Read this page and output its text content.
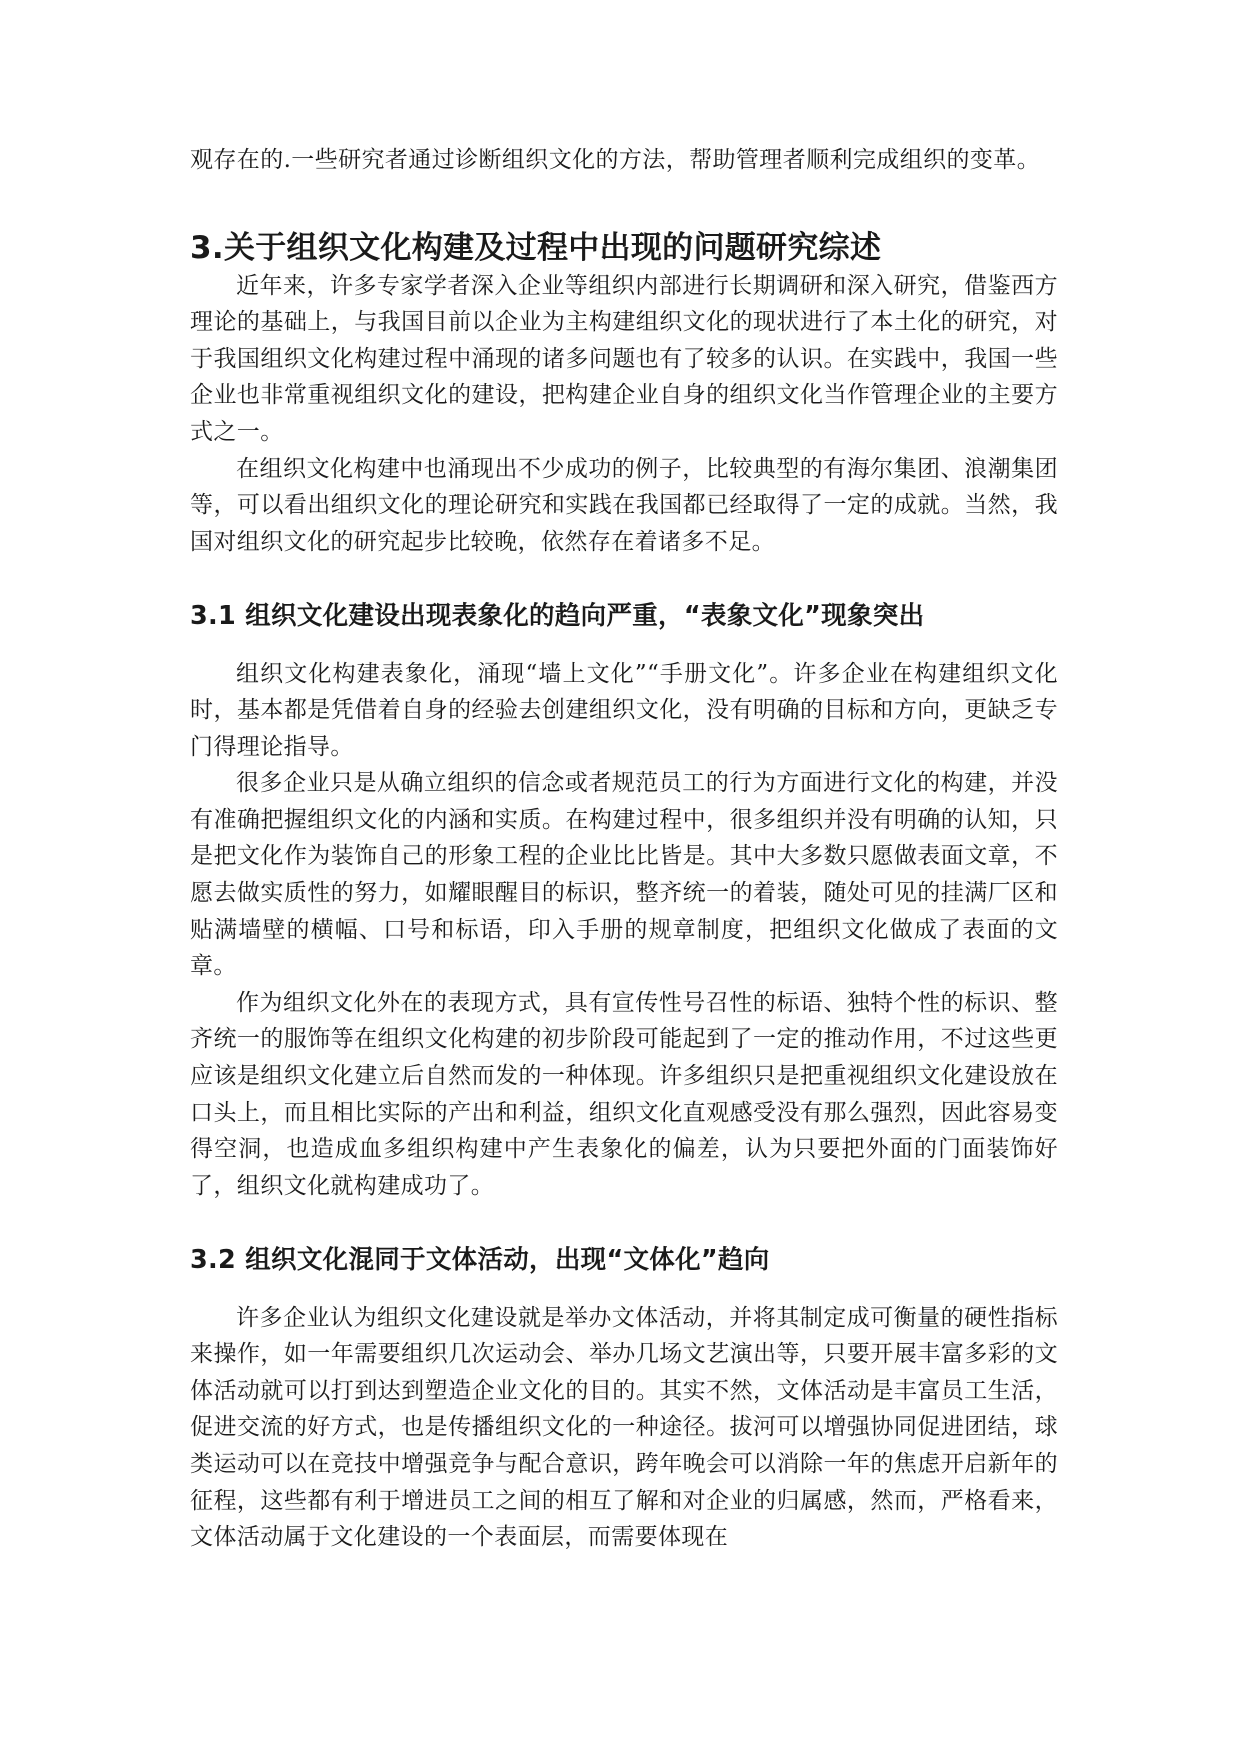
观存在的.一些研究者通过诊断组织文化的方法，帮助管理者顺利完成组织的变革。

3.关于组织文化构建及过程中出现的问题研究综述

近年来，许多专家学者深入企业等组织内部进行长期调研和深入研究，借鉴西方理论的基础上，与我国目前以企业为主构建组织文化的现状进行了本土化的研究，对于我国组织文化构建过程中涌现的诸多问题也有了较多的认识。在实践中，我国一些企业也非常重视组织文化的建设，把构建企业自身的组织文化当作管理企业的主要方式之一。

在组织文化构建中也涌现出不少成功的例子，比较典型的有海尔集团、浪潮集团等，可以看出组织文化的理论研究和实践在我国都已经取得了一定的成就。当然，我国对组织文化的研究起步比较晚，依然存在着诸多不足。

3.1 组织文化建设出现表象化的趋向严重，“表象文化”现象突出

组织文化构建表象化，涌现“墙上文化”“手册文化”。许多企业在构建组织文化时，基本都是凭借着自身的经验去创建组织文化，没有明确的目标和方向，更缺乏专门得理论指导。

很多企业只是从确立组织的信念或者规范员工的行为方面进行文化的构建，并没有准确把握组织文化的内涵和实质。在构建过程中，很多组织并没有明确的认知，只是把文化作为装饰自己的形象工程的企业比比皆是。其中大多数只愿做表面文章，不愿去做实质性的努力，如耀眼醒目的标识，整齐统一的着装，随处可见的挂满厂区和贴满墙壁的横幅、口号和标语，印入手册的规章制度，把组织文化做成了表面的文章。

作为组织文化外在的表现方式，具有宣传性号召性的标语、独特个性的标识、整齐统一的服饰等在组织文化构建的初步阶段可能起到了一定的推动作用，不过这些更应该是组织文化建立后自然而发的一种体现。许多组织只是把重视组织文化建设放在口头上，而且相比实际的产出和利益，组织文化直观感受没有那么强烈，因此容易变得空洞，也造成血多组织构建中产生表象化的偏差，认为只要把外面的门面装饰好了，组织文化就构建成功了。

3.2 组织文化混同于文体活动，出现“文体化”趋向

许多企业认为组织文化建设就是举办文体活动，并将其制定成可衡量的硬性指标来操作，如一年需要组织几次运动会、举办几场文艺演出等，只要开展丰富多彩的文体活动就可以打到达到塑造企业文化的目的。其实不然，文体活动是丰富员工生活，促进交流的好方式，也是传播组织文化的一种途径。拔河可以增强协同促进团结，球类运动可以在竞技中增强竞争与配合意识，跨年晚会可以消除一年的焦虑开启新年的征程，这些都有利于增进员工之间的相互了解和对企业的归属感，然而，严格看来，文体活动属于文化建设的一个表面层，而需要体现在
